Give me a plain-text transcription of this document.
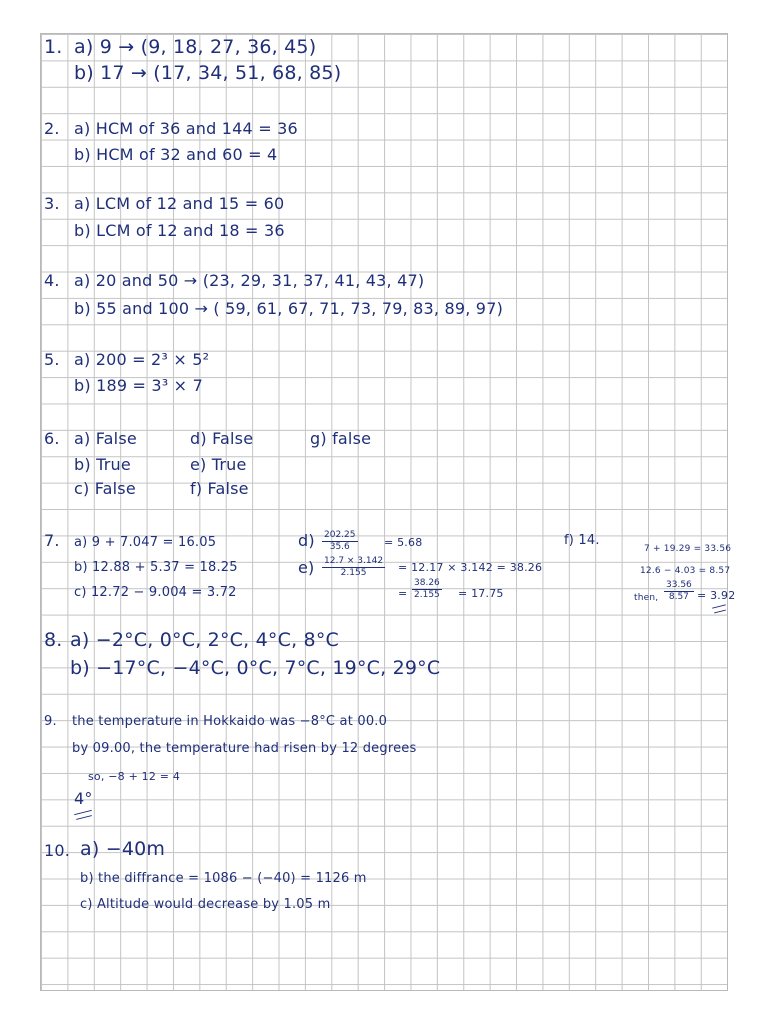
1. a) 9 → (9, 18, 27, 36, 45)
b) 17 → (17, 34, 51, 68, 85)
2. a) HCM of 36 and 144 = 36
b) HCM of 32 and 60 = 4
3. a) LCM of 12 and 15 = 60
b) LCM of 12 and 18 = 36
4. a) 20 and 50 → (23, 29, 31, 37, 41, 43, 47)
b) 55 and 100 → ( 59, 61, 67, 71, 73, 79, 83, 89, 97)
5. a) 200 = 2³ × 5²
b) 189 = 3³ × 7
6. a) False
b) True
c) False
d) False
e) True
f) False
g) false
7. a) 9 + 7.047 = 16.05
b) 12.88 + 5.37 = 18.25
c) 12.72 − 9.004 = 3.72
$d) \frac{202.25}{35.6} = 5.68$
$e) \frac{12.7 \times 3.142}{2.155} = 12.17 \times 3.142 = 38.26$
= $\frac{38.26}{2.155} = 17.75$
f) 14.
7 + 19.29 = 33.56
12.6 − 4.03 = 8.57
then, $\frac{33.56}{8.57} = 3.92$
8. a) −2°C, 0°C, 2°C, 4°C, 8°C
b) −17°C, −4°C, 0°C, 7°C, 19°C, 29°C
9. the temperature in Hokkaido was −8°C at 00.0
by 09.00, the temperature had risen by 12 degrees
so, −8 + 12 = 4
4°
10. a) −40m
b) the diffrance = 1086 − (−40) = 1126 m
c) Altitude would decrease by 1.05 m
